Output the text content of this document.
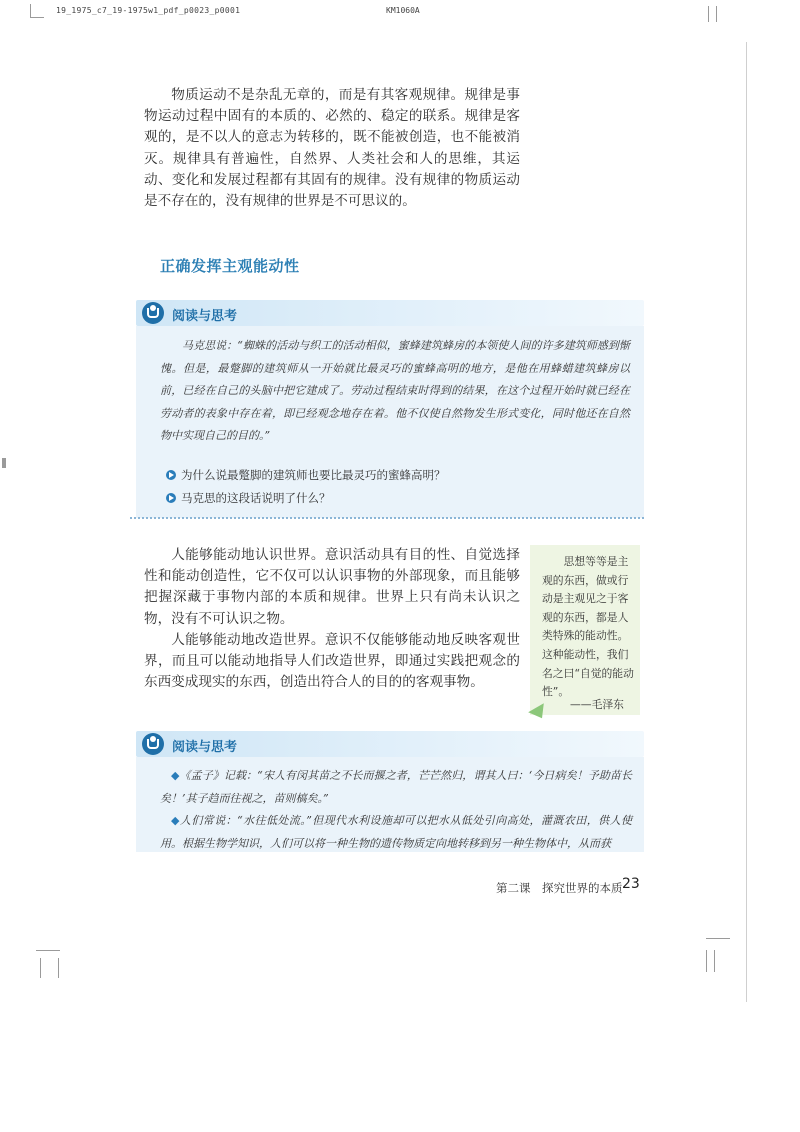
19_1975_c7_19-1975w1_pdf_p0023_p0001	KM1060A
物质运动不是杂乱无章的，而是有其客观规律。规律是事物运动过程中固有的本质的、必然的、稳定的联系。规律是客观的，是不以人的意志为转移的，既不能被创造，也不能被消灭。规律具有普遍性，自然界、人类社会和人的思维，其运动、变化和发展过程都有其固有的规律。没有规律的物质运动是不存在的，没有规律的世界是不可思议的。
正确发挥主观能动性
阅读与思考
马克思说：“蜘蛛的活动与织工的活动相似，蜜蜂建筑蜂房的本领使人间的许多建筑师感到惭愧。但是，最蹩脚的建筑师从一开始就比最灵巧的蜜蜂高明的地方，是他在用蜂蜡建筑蜂房以前，已经在自己的头脑中把它建成了。劳动过程结束时得到的结果，在这个过程开始时就已经在劳动者的表象中存在着，即已经观念地存在着。他不仅使自然物发生形式变化，同时他还在自然物中实现自己的目的。”
为什么说最蹩脚的建筑师也要比最灵巧的蜜蜂高明？
马克思的这段话说明了什么？
人能够能动地认识世界。意识活动具有目的性、自觉选择性和能动创造性，它不仅可以认识事物的外部现象，而且能够把握深藏于事物内部的本质和规律。世界上只有尚未认识之物，没有不可认识之物。
人能够能动地改造世界。意识不仅能够能动地反映客观世界，而且可以能动地指导人们改造世界，即通过实践把观念的东西变成现实的东西，创造出符合人的目的的客观事物。
思想等等是主观的东西，做或行动是主观见之于客观的东西，都是人类特殊的能动性。这种能动性，我们名之曰“自觉的能动性”。
——毛泽东
阅读与思考
◆《孟子》记载：“宋人有闵其苗之不长而揠之者，芒芒然归，谓其人曰：‘今日病矣！予助苗长矣！’其子趋而往视之，苗则槁矣。”
◆人们常说：“水往低处流。”但现代水利设施却可以把水从低处引向高处，灌溉农田，供人使用。根据生物学知识，人们可以将一种生物的遗传物质定向地转移到另一种生物体中，从而获
第二课　探究世界的本质 23
